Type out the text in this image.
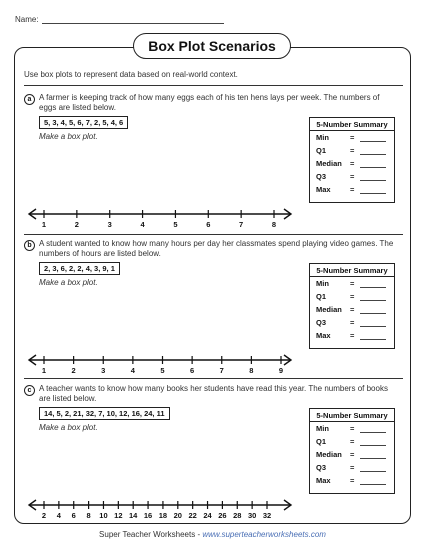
Name:
Box Plot Scenarios
Use box plots to represent data based on real-world context.
a A farmer is keeping track of how many eggs each of his ten hens lays per week. The numbers of eggs are listed below.
5, 3, 4, 5, 6, 7, 2, 5, 4, 6
Make a box plot.
5-Number Summary
Min	=
Q1	=
Median =
Q3	=
Max	=
1	2	3	4	5	6	7	8
b A student wanted to know how many hours per day her classmates spend playing video games. The numbers of hours are listed below.
2, 3, 6, 2, 2, 4, 3, 9, 1
Make a box plot.
5-Number Summary
Min	=
Q1	=
Median =
Q3	=
Max	=
1	2	3	4	5	6	7	8	9
c A teacher wants to know how many books her students have read this year. The numbers of books are listed below.
14, 5, 2, 21, 32, 7, 10, 12, 16, 24, 11
Make a box plot.
5-Number Summary
Min	=
Q1	=
Median =
Q3	=
Max	=
2 4 6 8 10 12 14 16 18 20 22 24 26 28 30 32
Super Teacher Worksheets - www.superteacherworksheets.com
